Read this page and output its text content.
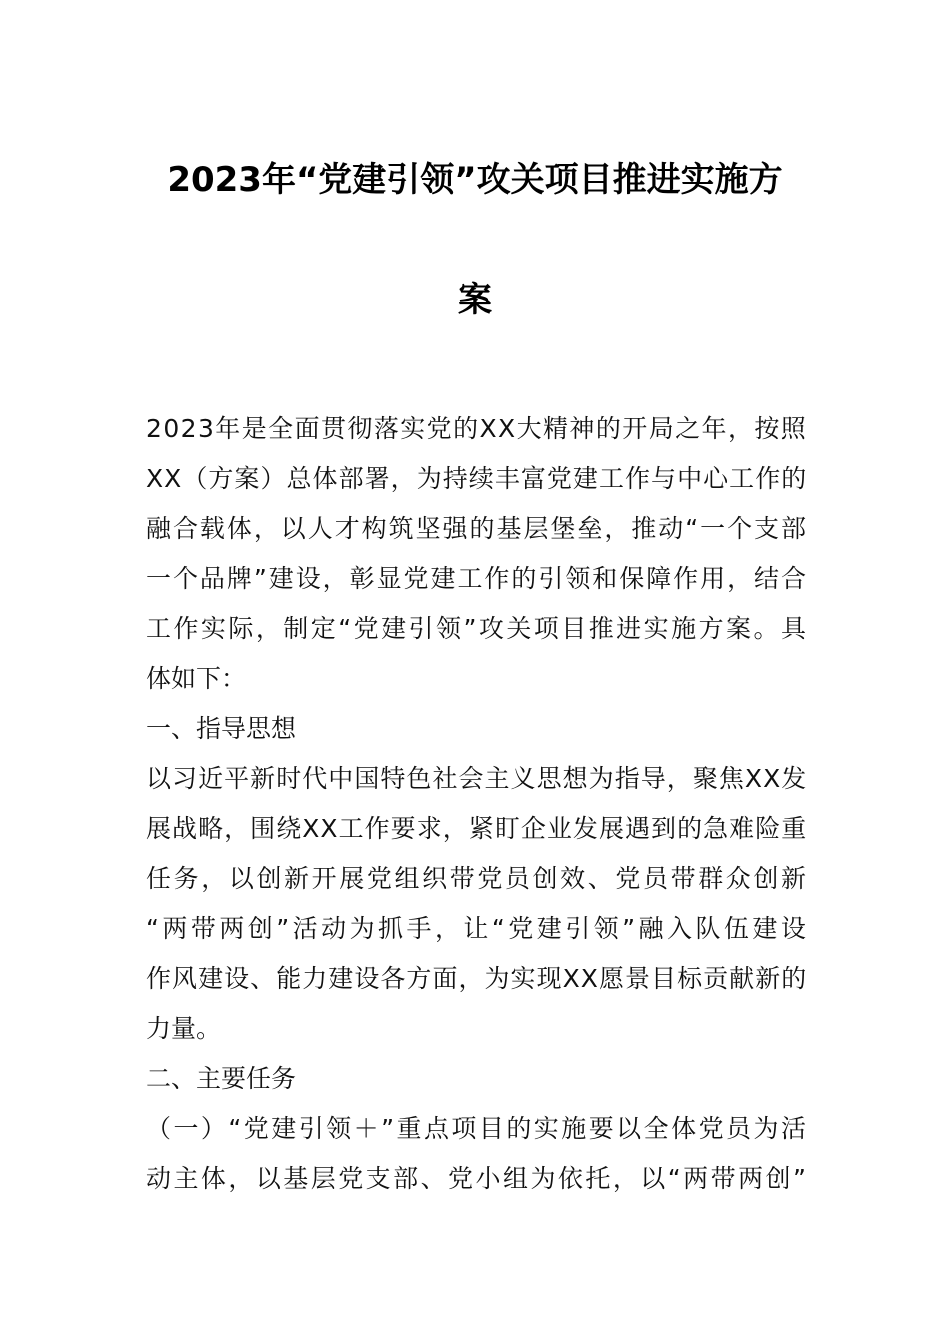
2023年“党建引领”攻关项目推进实施方
案
2023年是全面贯彻落实党的XX大精神的开局之年，按照
XX（方案）总体部署，为持续丰富党建工作与中心工作的
融合载体，以人才构筑坚强的基层堡垒，推动“一个支部
一个品牌”建设，彰显党建工作的引领和保障作用，结合
工作实际，制定“党建引领”攻关项目推进实施方案。具
体如下：
一、指导思想
以习近平新时代中国特色社会主义思想为指导，聚焦XX发
展战略，围绕XX工作要求，紧盯企业发展遇到的急难险重
任务，以创新开展党组织带党员创效、党员带群众创新
“两带两创”活动为抓手，让“党建引领”融入队伍建设
作风建设、能力建设各方面，为实现XX愿景目标贡献新的
力量。
二、主要任务
（一）“党建引领＋”重点项目的实施要以全体党员为活
动主体，以基层党支部、党小组为依托，以“两带两创”
